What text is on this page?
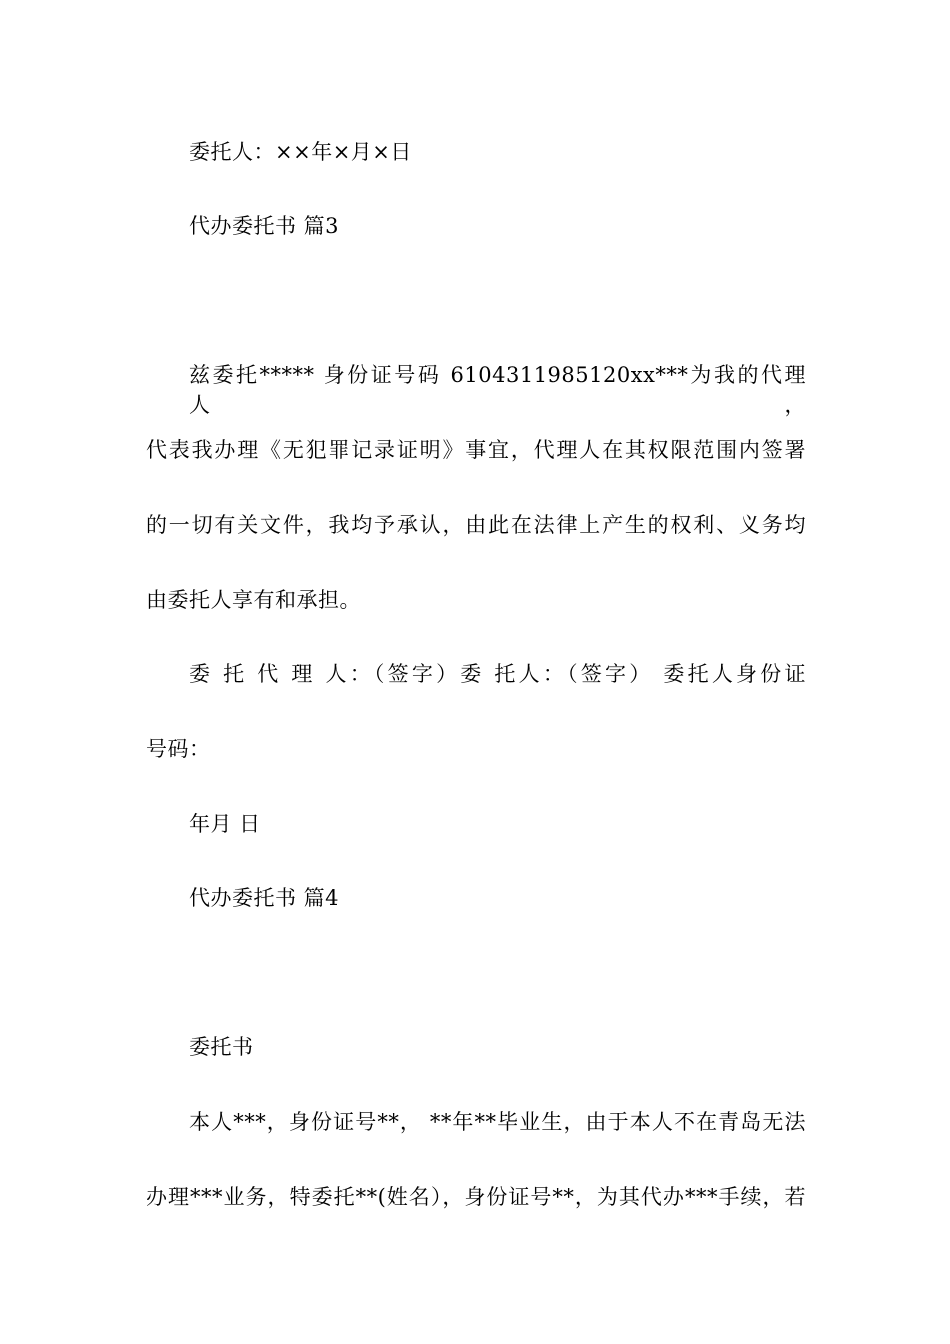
委托人：××年×月×日
代办委托书 篇3
兹委托***** 身份证号码 6104311985120xx***为我的代理人，
代表我办理《无犯罪记录证明》事宜，代理人在其权限范围内签署
的一切有关文件，我均予承认，由此在法律上产生的权利、义务均
由委托人享有和承担。
委 托 代 理 人：（签字）委 托人：（签字） 委托人身份证
号码：
年月 日
代办委托书 篇4
委托书
本人***，身份证号**， **年**毕业生，由于本人不在青岛无法
办理***业务，特委托**(姓名），身份证号**，为其代办***手续，若
